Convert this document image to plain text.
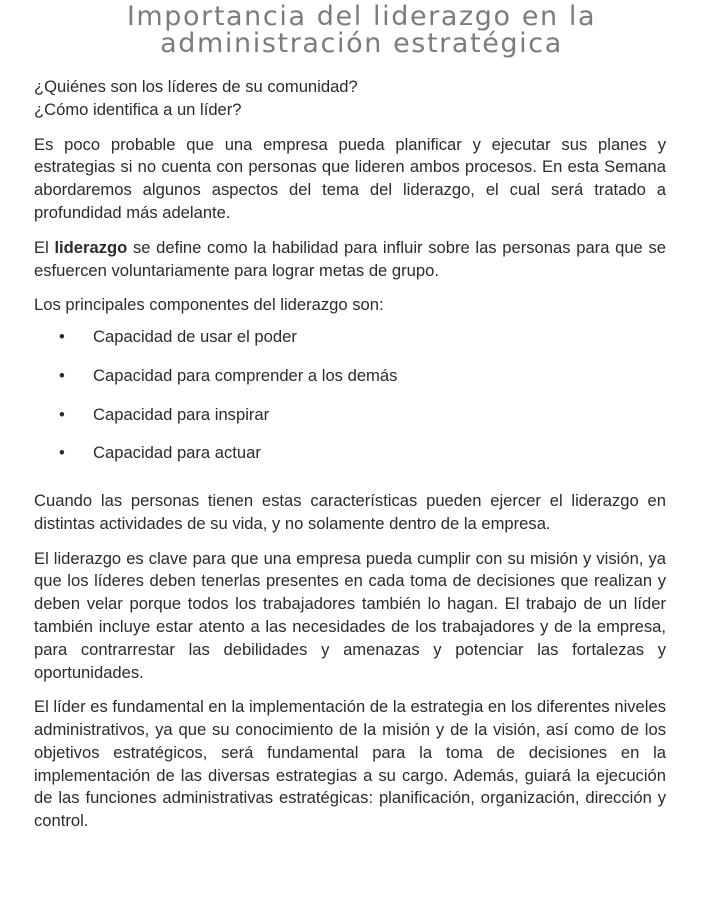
Importancia del liderazgo en la
administración estratégica

¿Quiénes son los líderes de su comunidad?

¿Cómo identifica a un líder?

Es poco probable que una empresa pueda planificar y ejecutar sus planes y estrategias si no cuenta con personas que lideren ambos procesos. En esta Semana abordaremos algunos aspectos del tema del liderazgo, el cual será tratado a profundidad más adelante.

El liderazgo se define como la habilidad para influir sobre las personas para que se esfuercen voluntariamente para lograr metas de grupo.

Los principales componentes del liderazgo son:

• Capacidad de usar el poder
• Capacidad para comprender a los demás
• Capacidad para inspirar
• Capacidad para actuar

Cuando las personas tienen estas características pueden ejercer el liderazgo en distintas actividades de su vida, y no solamente dentro de la empresa.

El liderazgo es clave para que una empresa pueda cumplir con su misión y visión, ya que los líderes deben tenerlas presentes en cada toma de decisiones que realizan y deben velar porque todos los trabajadores también lo hagan. El trabajo de un líder también incluye estar atento a las necesidades de los trabajadores y de la empresa, para contrarrestar las debilidades y amenazas y potenciar las fortalezas y oportunidades.

El líder es fundamental en la implementación de la estrategia en los diferentes niveles administrativos, ya que su conocimiento de la misión y de la visión, así como de los objetivos estratégicos, será fundamental para la toma de decisiones en la implementación de las diversas estrategias a su cargo. Además, guiará la ejecución de las funciones administrativas estratégicas: planificación, organización, dirección y control.
